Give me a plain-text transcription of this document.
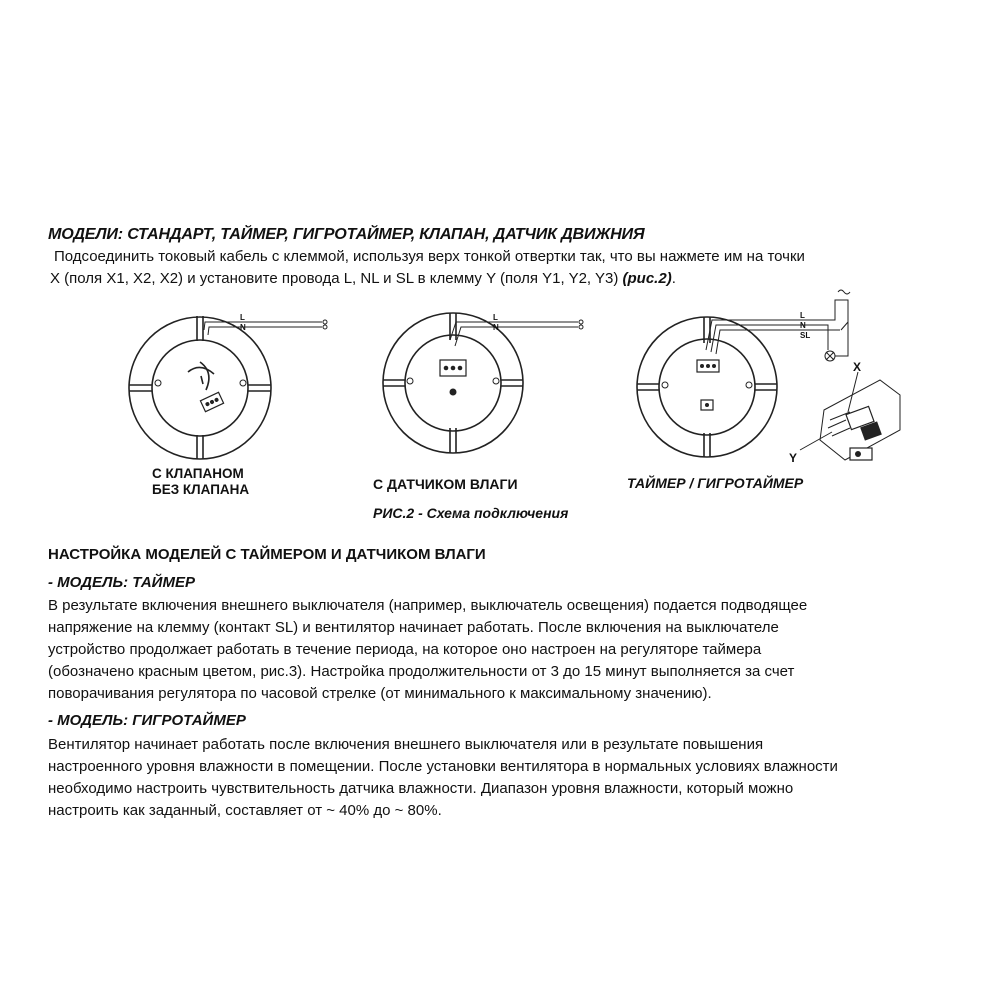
МОДЕЛИ: СТАНДАРТ, ТАЙМЕР, ГИГРОТАЙМЕР, КЛАПАН, ДАТЧИК ДВИЖНИЯ
Подсоединить токовый кабель с клеммой, используя верх тонкой отвертки так, что вы нажмете им на точки
X (поля X1, X2, X2) и установите провода L, NL и SL в клемму Y (поля Y1, Y2, Y3) (рис.2).
L
N
L
N
L
N
SL
X
Y
С КЛАПАНОМ
БЕЗ КЛАПАНА	С ДАТЧИКОМ ВЛАГИ	ТАЙМЕР / ГИГРОТАЙМЕР
РИС.2 - Схема подключения
НАСТРОЙКА МОДЕЛЕЙ С ТАЙМЕРОМ И ДАТЧИКОМ ВЛАГИ
- МОДЕЛЬ: ТАЙМЕР
В результате включения внешнего выключателя (например, выключатель освещения) подается подводящее
напряжение на клемму (контакт SL) и вентилятор начинает работать. После включения на выключателе
устройство продолжает работать в течение периода, на которое оно настроен на регуляторе таймера
(обозначено красным цветом, рис.3). Настройка продолжительности от 3 до 15 минут выполняется за счет
поворачивания регулятора по часовой стрелке (от минимального к максимальному значению).
- МОДЕЛЬ: ГИГРОТАЙМЕР
Вентилятор начинает работать после включения внешнего выключателя или в результате повышения
настроенного уровня влажности в помещении. После установки вентилятора в нормальных условиях влажности
необходимо настроить чувствительность датчика влажности. Диапазон уровня влажности, который можно
настроить как заданный, составляет от ~ 40% до ~ 80%.
